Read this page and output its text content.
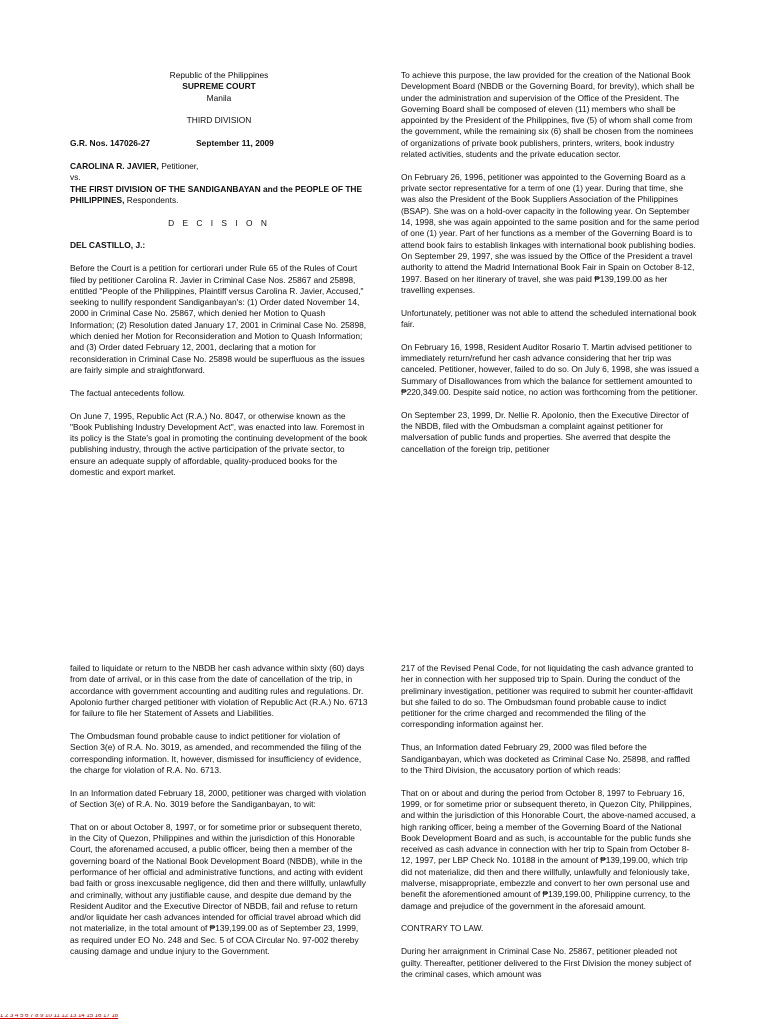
Republic of the Philippines
SUPREME COURT
Manila
THIRD DIVISION
G.R. Nos. 147026-27	September 11, 2009
CAROLINA R. JAVIER, Petitioner,
vs.
THE FIRST DIVISION OF THE SANDIGANBAYAN and the PEOPLE OF THE PHILIPPINES, Respondents.
D E C I S I O N

DEL CASTILLO, J.:

Before the Court is a petition for certiorari under Rule 65 of the Rules of Court filed by petitioner Carolina R. Javier in Criminal Case Nos. 25867 and 25898, entitled "People of the Philippines, Plaintiff versus Carolina R. Javier, Accused," seeking to nullify respondent Sandiganbayan's: (1) Order dated November 14, 2000 in Criminal Case No. 25867, which denied her Motion to Quash Information; (2) Resolution dated January 17, 2001 in Criminal Case No. 25898, which denied her Motion for Reconsideration and Motion to Quash Information; and (3) Order dated February 12, 2001, declaring that a motion for reconsideration in Criminal Case No. 25898 would be superfluous as the issues are fairly simple and straightforward.

The factual antecedents follow.

On June 7, 1995, Republic Act (R.A.) No. 8047, or otherwise known as the "Book Publishing Industry Development Act", was enacted into law. Foremost in its policy is the State's goal in promoting the continuing development of the book publishing industry, through the active participation of the private sector, to ensure an adequate supply of affordable, quality-produced books for the domestic and export market.

To achieve this purpose, the law provided for the creation of the National Book Development Board (NBDB or the Governing Board, for brevity), which shall be under the administration and supervision of the Office of the President. The Governing Board shall be composed of eleven (11) members who shall be appointed by the President of the Philippines, five (5) of whom shall come from the government, while the remaining six (6) shall be chosen from the nominees of organizations of private book publishers, printers, writers, book industry related activities, students and the private education sector.

On February 26, 1996, petitioner was appointed to the Governing Board as a private sector representative for a term of one (1) year. During that time, she was also the President of the Book Suppliers Association of the Philippines (BSAP). She was on a hold-over capacity in the following year. On September 14, 1998, she was again appointed to the same position and for the same period of one (1) year. Part of her functions as a member of the Governing Board is to attend book fairs to establish linkages with international book publishing bodies. On September 29, 1997, she was issued by the Office of the President a travel authority to attend the Madrid International Book Fair in Spain on October 8-12, 1997. Based on her itinerary of travel, she was paid ₱139,199.00 as her travelling expenses.

Unfortunately, petitioner was not able to attend the scheduled international book fair.

On February 16, 1998, Resident Auditor Rosario T. Martin advised petitioner to immediately return/refund her cash advance considering that her trip was canceled. Petitioner, however, failed to do so. On July 6, 1998, she was issued a Summary of Disallowances from which the balance for settlement amounted to ₱220,349.00. Despite said notice, no action was forthcoming from the petitioner.

On September 23, 1999, Dr. Nellie R. Apolonio, then the Executive Director of the NBDB, filed with the Ombudsman a complaint against petitioner for malversation of public funds and properties. She averred that despite the cancellation of the foreign trip, petitioner

failed to liquidate or return to the NBDB her cash advance within sixty (60) days from date of arrival, or in this case from the date of cancellation of the trip, in accordance with government accounting and auditing rules and regulations. Dr. Apolonio further charged petitioner with violation of Republic Act (R.A.) No. 6713 for failure to file her Statement of Assets and Liabilities.

The Ombudsman found probable cause to indict petitioner for violation of Section 3(e) of R.A. No. 3019, as amended, and recommended the filing of the corresponding information. It, however, dismissed for insufficiency of evidence, the charge for violation of R.A. No. 6713.

In an Information dated February 18, 2000, petitioner was charged with violation of Section 3(e) of R.A. No. 3019 before the Sandiganbayan, to wit:

That on or about October 8, 1997, or for sometime prior or subsequent thereto, in the City of Quezon, Philippines and within the jurisdiction of this Honorable Court, the aforenamed accused, a public officer, being then a member of the governing board of the National Book Development Board (NBDB), while in the performance of her official and administrative functions, and acting with evident bad faith or gross inexcusable negligence, did then and there willfully, unlawfully and criminally, without any justifiable cause, and despite due demand by the Resident Auditor and the Executive Director of NBDB, fail and refuse to return and/or liquidate her cash advances intended for official travel abroad which did not materialize, in the total amount of ₱139,199.00 as of September 23, 1999, as required under EO No. 248 and Sec. 5 of COA Circular No. 97-002 thereby causing damage and undue injury to the Government.

217 of the Revised Penal Code, for not liquidating the cash advance granted to her in connection with her supposed trip to Spain. During the conduct of the preliminary investigation, petitioner was required to submit her counter-affidavit but she failed to do so. The Ombudsman found probable cause to indict petitioner for the crime charged and recommended the filing of the corresponding information against her.

Thus, an Information dated February 29, 2000 was filed before the Sandiganbayan, which was docketed as Criminal Case No. 25898, and raffled to the Third Division, the accusatory portion of which reads:

That on or about and during the period from October 8, 1997 to February 16, 1999, or for sometime prior or subsequent thereto, in Quezon City, Philippines, and within the jurisdiction of this Honorable Court, the above-named accused, a high ranking officer, being a member of the Governing Board of the National Book Development Board and as such, is accountable for the public funds she received as cash advance in connection with her trip to Spain from October 8-12, 1997, per LBP Check No. 10188 in the amount of ₱139,199.00, which trip did not materialize, did then and there willfully, unlawfully and feloniously take, malverse, misappropriate, embezzle and convert to her own personal use and benefit the aforementioned amount of ₱139,199.00, Philippine currency, to the damage and prejudice of the government in the aforesaid amount.

CONTRARY TO LAW.

During her arraignment in Criminal Case No. 25867, petitioner pleaded not guilty. Thereafter, petitioner delivered to the First Division the money subject of the criminal cases, which amount was

1 2 3 4 5 6 7 8 9 10 11 12 13 14 15 16 17 18
